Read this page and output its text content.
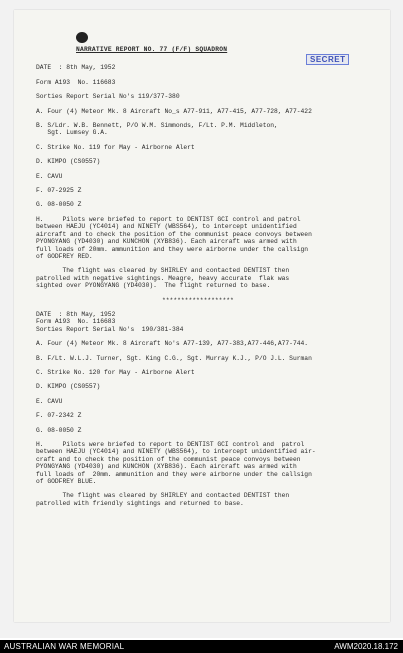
SECRET
NARRATIVE REPORT NO. 77 (F/F) SQUADRON
DATE  : 8th May, 1952
Form A193  No. 116683
Sorties Report Serial No's 119/377-380
A. Four (4) Meteor Mk. 8 Aircraft No_s A77-911, A77-415, A77-728, A77-422
B. S/Ldr. W.B. Bennett, P/O W.M. Simmonds, F/Lt. P.M. Middleton,
Sgt. Lumsey G.A.
C. Strike No. 119 for May - Airborne Alert
D. KIMPO (CS0557)
E. CAVU
F. 07-2925 Z
G. 08-0050 Z
H.     Pilots were briefed to report to DENTIST GCI control and patrol
between HAEJU (YC4014) and NINETY (WBS564), to intercept unidentified
aircraft and to check the position of the communist peace convoys between
PYONGYANG (YD4030) and KUNCHON (XYB836). Each aircraft was armed with
full loads of 20mm. ammunition and they were airborne under the callsign
of GODFREY RED.
The flight was cleared by SHIRLEY and contacted DENTIST then
patrolled with negative sightings. Meagre, heavy accurate  flak was
sighted over PYONGYANG (YD4030).  The flight returned to base.
*******************
DATE  : 8th May, 1952
Form A193  No. 116683
Sorties Report Serial No's  190/381-384
A. Four (4) Meteor Mk. 8 Aircraft No's A77-139, A77-383,A77-446,A77-744.
B. F/Lt. W.L.J. Turner, Sgt. King C.G., Sgt. Murray K.J., P/O J.L. Surman
C. Strike No. 120 for May - Airborne Alert
D. KIMPO (CS0557)
E. CAVU
F. 07-2342 Z
G. 08-0050 Z
H.     Pilots were briefed to report to DENTIST GCI control and  patrol
between HAEJU (YC4014) and NINETY (WBS564), to intercept unidentified air-
craft and to check the position of the communist peace convoys between
PYONGYANG (YD4030) and KUNCHON (XYB836). Each aircraft was armed with
full loads of  20mm. ammunition and they were airborne under the callsign
of GODFREY BLUE.
The flight was cleared by SHIRLEY and contacted DENTIST then
patrolled with friendly sightings and returned to base.
AUSTRALIAN WAR MEMORIAL	AWM2020.18.172
